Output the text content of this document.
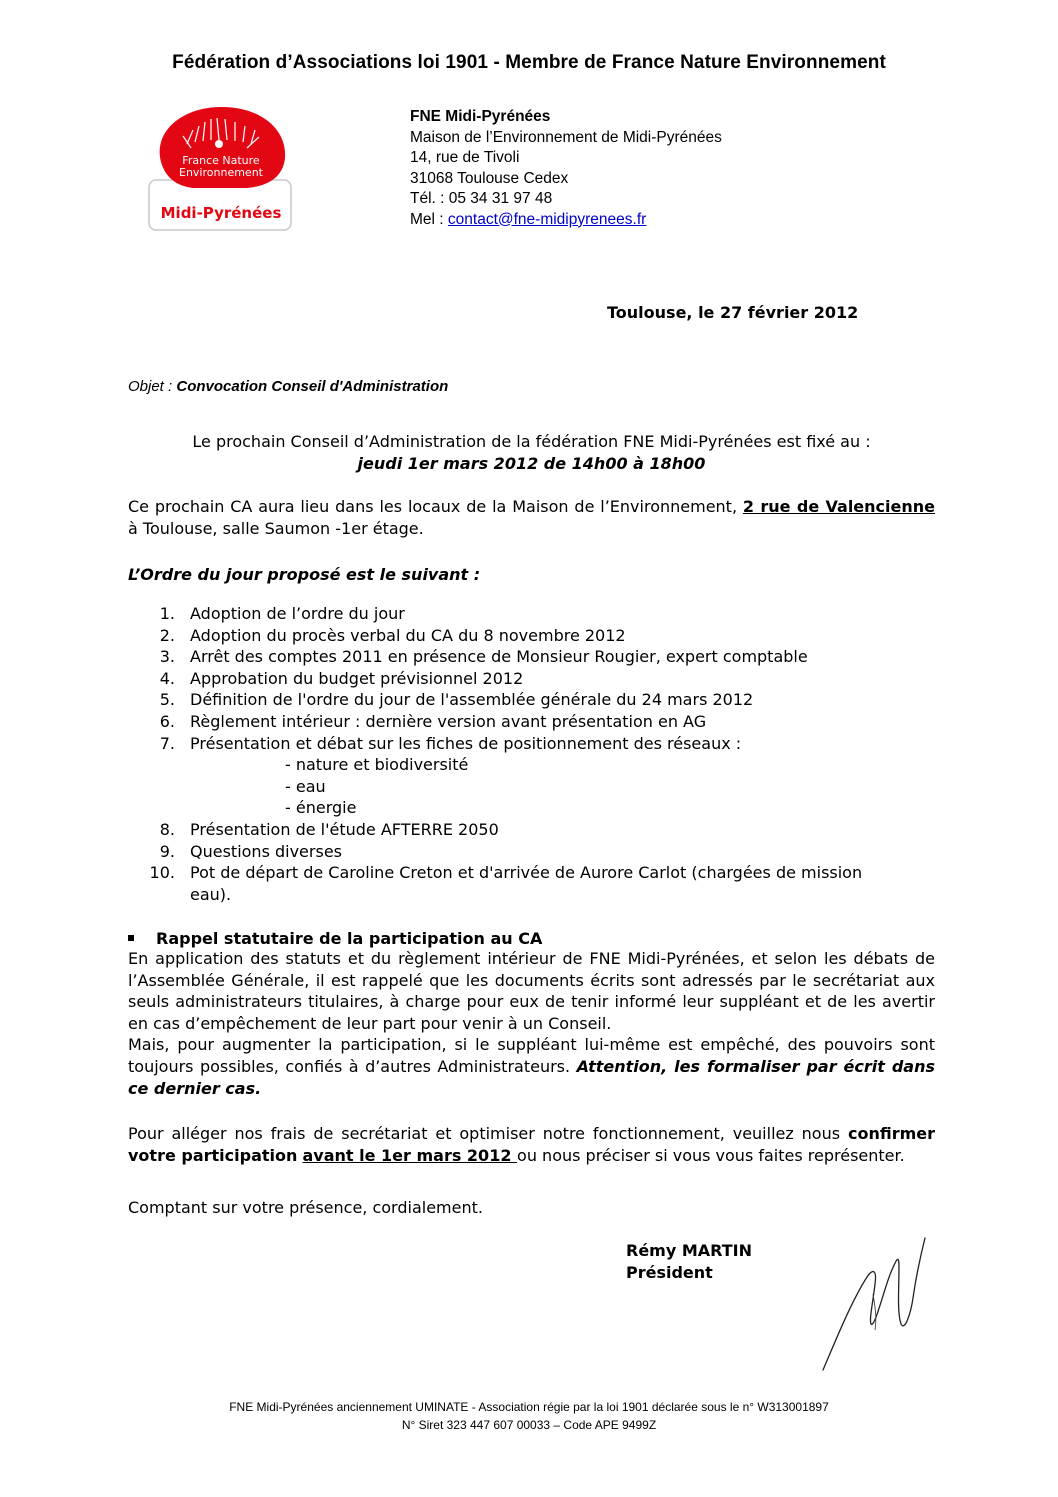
Fédération d’Associations loi 1901 - Membre de France Nature Environnement
France Nature
Environnement
Midi-Pyrénées
FNE Midi-Pyrénées
Maison de l’Environnement de Midi-Pyrénées
14, rue de Tivoli
31068 Toulouse Cedex
Tél. : 05 34 31 97 48
Mel : contact@fne-midipyrenees.fr
Toulouse, le 27 février 2012
Objet : Convocation Conseil d'Administration
Le prochain Conseil d’Administration de la fédération FNE Midi-Pyrénées est fixé au :
jeudi 1er mars 2012 de 14h00 à 18h00
Ce prochain CA aura lieu dans les locaux de la Maison de l’Environnement, 2 rue de Valencienne à Toulouse, salle Saumon -1er étage.
L’Ordre du jour proposé est le suivant :
1. Adoption de l’ordre du jour
2. Adoption du procès verbal du CA du 8 novembre 2012
3. Arrêt des comptes 2011 en présence de Monsieur Rougier, expert comptable
4. Approbation du budget prévisionnel 2012
5. Définition de l'ordre du jour de l'assemblée générale du 24 mars 2012
6. Règlement intérieur : dernière version avant présentation en AG
7. Présentation et débat sur les fiches de positionnement des réseaux :
- nature et biodiversité
- eau
- énergie
8. Présentation de l'étude AFTERRE 2050
9. Questions diverses
10. Pot de départ de Caroline Creton et d'arrivée de Aurore Carlot (chargées de mission eau).
Rappel statutaire de la participation au CA
En application des statuts et du règlement intérieur de FNE Midi-Pyrénées, et selon les débats de l’Assemblée Générale, il est rappelé que les documents écrits sont adressés par le secrétariat aux seuls administrateurs titulaires, à charge pour eux de tenir informé leur suppléant et de les avertir en cas d’empêchement de leur part pour venir à un Conseil.
Mais, pour augmenter la participation, si le suppléant lui-même est empêché, des pouvoirs sont toujours possibles, confiés à d’autres Administrateurs. Attention, les formaliser par écrit dans ce dernier cas.
Pour alléger nos frais de secrétariat et optimiser notre fonctionnement, veuillez nous confirmer votre participation avant le 1er mars 2012 ou nous préciser si vous vous faites représenter.
Comptant sur votre présence, cordialement.
Rémy MARTIN
Président
FNE Midi-Pyrénées anciennement UMINATE - Association régie par la loi 1901 déclarée sous le n° W313001897
N° Siret 323 447 607 00033 – Code APE 9499Z
